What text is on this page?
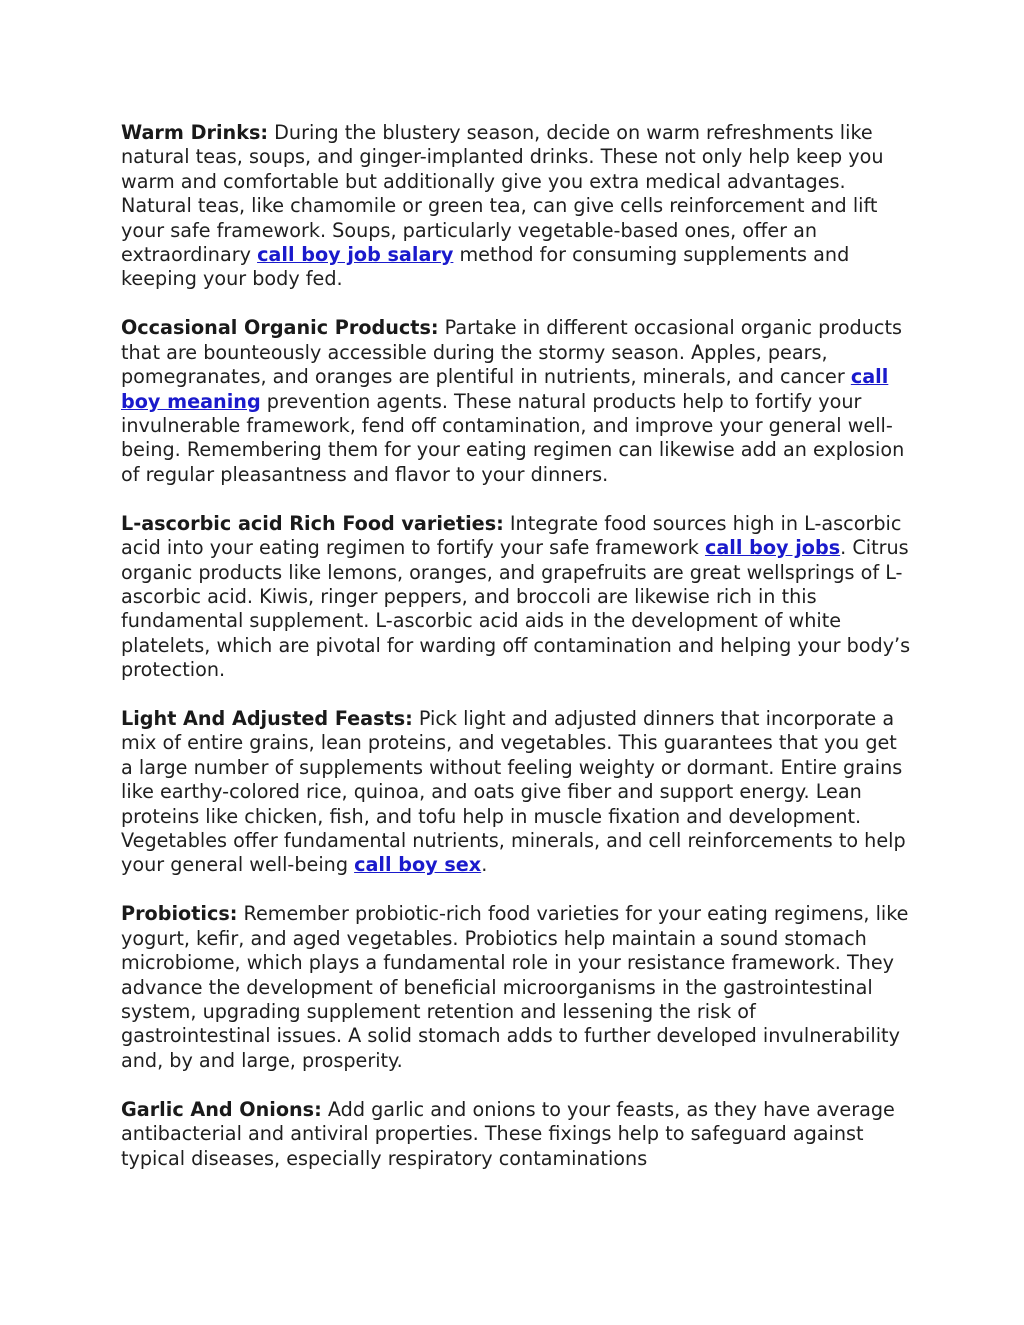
Warm Drinks: During the blustery season, decide on warm refreshments like natural teas, soups, and ginger-implanted drinks. These not only help keep you warm and comfortable but additionally give you extra medical advantages. Natural teas, like chamomile or green tea, can give cells reinforcement and lift your safe framework. Soups, particularly vegetable-based ones, offer an extraordinary call boy job salary method for consuming supplements and keeping your body fed.

Occasional Organic Products: Partake in different occasional organic products that are bounteously accessible during the stormy season. Apples, pears, pomegranates, and oranges are plentiful in nutrients, minerals, and cancer call boy meaning prevention agents. These natural products help to fortify your invulnerable framework, fend off contamination, and improve your general well-being. Remembering them for your eating regimen can likewise add an explosion of regular pleasantness and flavor to your dinners.

L-ascorbic acid Rich Food varieties: Integrate food sources high in L-ascorbic acid into your eating regimen to fortify your safe framework call boy jobs. Citrus organic products like lemons, oranges, and grapefruits are great wellsprings of L-ascorbic acid. Kiwis, ringer peppers, and broccoli are likewise rich in this fundamental supplement. L-ascorbic acid aids in the development of white platelets, which are pivotal for warding off contamination and helping your body’s protection.

Light And Adjusted Feasts: Pick light and adjusted dinners that incorporate a mix of entire grains, lean proteins, and vegetables. This guarantees that you get a large number of supplements without feeling weighty or dormant. Entire grains like earthy-colored rice, quinoa, and oats give fiber and support energy. Lean proteins like chicken, fish, and tofu help in muscle fixation and development. Vegetables offer fundamental nutrients, minerals, and cell reinforcements to help your general well-being call boy sex.

Probiotics: Remember probiotic-rich food varieties for your eating regimens, like yogurt, kefir, and aged vegetables. Probiotics help maintain a sound stomach microbiome, which plays a fundamental role in your resistance framework. They advance the development of beneficial microorganisms in the gastrointestinal system, upgrading supplement retention and lessening the risk of gastrointestinal issues. A solid stomach adds to further developed invulnerability and, by and large, prosperity.

Garlic And Onions: Add garlic and onions to your feasts, as they have average antibacterial and antiviral properties. These fixings help to safeguard against typical diseases, especially respiratory contaminations
